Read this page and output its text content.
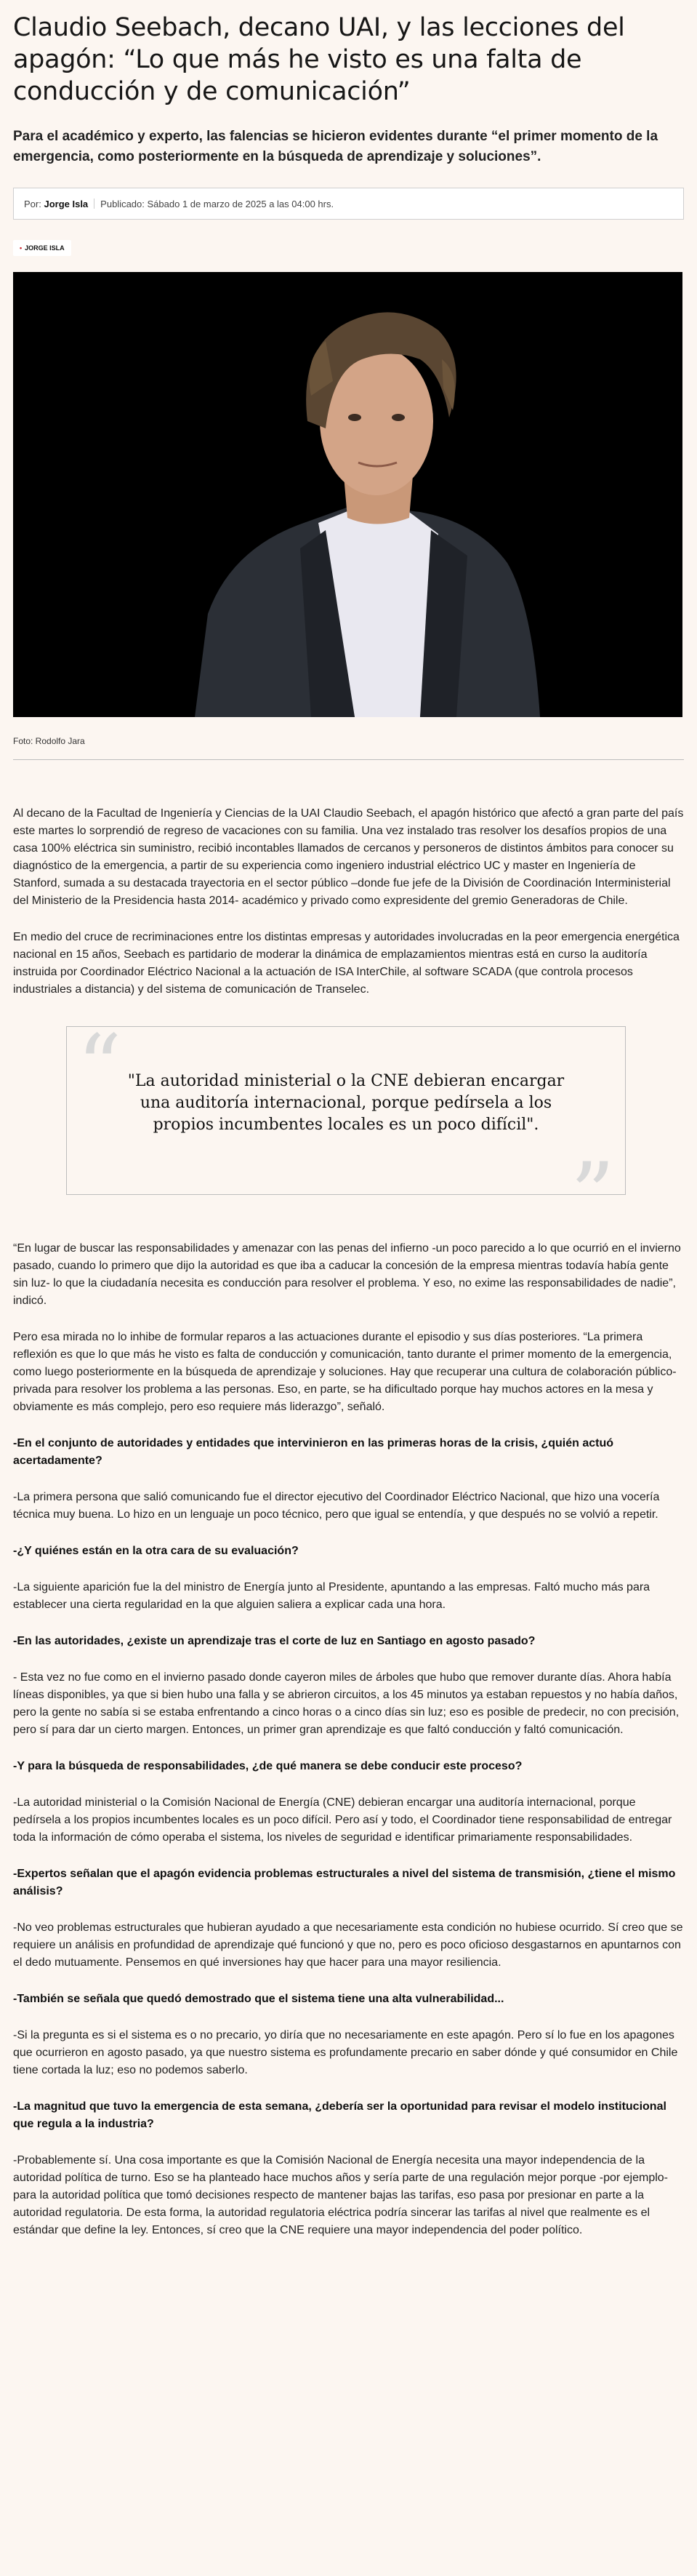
Claudio Seebach, decano UAI, y las lecciones del apagón: “Lo que más he visto es una falta de conducción y de comunicación”

Para el académico y experto, las falencias se hicieron evidentes durante “el primer momento de la emergencia, como posteriormente en la búsqueda de aprendizaje y soluciones”.

Por:
Jorge Isla Publicado:
Sábado 1 de marzo de 2025 a las 04:00 hrs.
• JORGE ISLA
Foto: Rodolfo Jara

Al decano de la Facultad de Ingeniería y Ciencias de la UAI Claudio Seebach, el apagón histórico que afectó a gran parte del país este martes lo sorprendió de regreso de vacaciones con su familia. Una vez instalado tras resolver los desafíos propios de una casa 100% eléctrica sin suministro, recibió incontables llamados de cercanos y personeros de distintos ámbitos para conocer su diagnóstico de la emergencia, a partir de su experiencia como ingeniero industrial eléctrico UC y master en Ingeniería de Stanford, sumada a su destacada trayectoria en el sector público –donde fue jefe de la División de Coordinación Interministerial del Ministerio de la Presidencia hasta 2014- académico y privado como expresidente del gremio Generadoras de Chile.

En medio del cruce de recriminaciones entre los distintas empresas y autoridades involucradas en la peor emergencia energética nacional en 15 años, Seebach es partidario de moderar la dinámica de emplazamientos mientras está en curso la auditoría instruida por Coordinador Eléctrico Nacional a la actuación de ISA InterChile, al software SCADA (que controla procesos industriales a distancia) y del sistema de comunicación de Transelec.

“ "La autoridad ministerial o la CNE debieran encargar una auditoría internacional, porque pedírsela a los propios incumbentes locales es un poco difícil".
”

“En lugar de buscar las responsabilidades y amenazar con las penas del infierno -un poco parecido a lo que ocurrió en el invierno pasado, cuando lo primero que dijo la autoridad es que iba a caducar la concesión de la empresa mientras todavía había gente sin luz- lo que la ciudadanía necesita es conducción para resolver el problema. Y eso, no exime las responsabilidades de nadie”, indicó.

Pero esa mirada no lo inhibe de formular reparos a las actuaciones durante el episodio y sus días posteriores. “La primera reflexión es que lo que más he visto es falta de conducción y comunicación, tanto durante el primer momento de la emergencia, como luego posteriormente en la búsqueda de aprendizaje y soluciones. Hay que recuperar una cultura de colaboración público-privada para resolver los problema a las personas. Eso, en parte, se ha dificultado porque hay muchos actores en la mesa y obviamente es más complejo, pero eso requiere más liderazgo”, señaló.

-En el conjunto de autoridades y entidades que intervinieron en las primeras horas de la crisis, ¿quién actuó acertadamente?

-La primera persona que salió comunicando fue el director ejecutivo del Coordinador Eléctrico Nacional, que hizo una vocería técnica muy buena. Lo hizo en un lenguaje un poco técnico, pero que igual se entendía, y que después no se volvió a repetir.

-¿Y quiénes están en la otra cara de su evaluación?

-La siguiente aparición fue la del ministro de Energía junto al Presidente, apuntando a las empresas. Faltó mucho más para establecer una cierta regularidad en la que alguien saliera a explicar cada una hora.

-En las autoridades, ¿existe un aprendizaje tras el corte de luz en Santiago en agosto pasado?

- Esta vez no fue como en el invierno pasado donde cayeron miles de árboles que hubo que remover durante días. Ahora había líneas disponibles, ya que si bien hubo una falla y se abrieron circuitos, a los 45 minutos ya estaban repuestos y no había daños, pero la gente no sabía si se estaba enfrentando a cinco horas o a cinco días sin luz; eso es posible de predecir, no con precisión, pero sí para dar un cierto margen. Entonces, un primer gran aprendizaje es que faltó conducción y faltó comunicación.

-Y para la búsqueda de responsabilidades, ¿de qué manera se debe conducir este proceso?

-La autoridad ministerial o la Comisión Nacional de Energía (CNE) debieran encargar una auditoría internacional, porque pedírsela a los propios incumbentes locales es un poco difícil. Pero así y todo, el Coordinador tiene responsabilidad de entregar toda la información de cómo operaba el sistema, los niveles de seguridad e identificar primariamente responsabilidades.

-Expertos señalan que el apagón evidencia problemas estructurales a nivel del sistema de transmisión, ¿tiene el mismo análisis?

-No veo problemas estructurales que hubieran ayudado a que necesariamente esta condición no hubiese ocurrido. Sí creo que se requiere un análisis en profundidad de aprendizaje qué funcionó y que no, pero es poco oficioso desgastarnos en apuntarnos con el dedo mutuamente. Pensemos en qué inversiones hay que hacer para una mayor resiliencia.

-También se señala que quedó demostrado que el sistema tiene una alta vulnerabilidad...

-Si la pregunta es si el sistema es o no precario, yo diría que no necesariamente en este apagón. Pero sí lo fue en los apagones que ocurrieron en agosto pasado, ya que nuestro sistema es profundamente precario en saber dónde y qué consumidor en Chile tiene cortada la luz; eso no podemos saberlo.

-La magnitud que tuvo la emergencia de esta semana, ¿debería ser la oportunidad para revisar el modelo institucional que regula a la industria?

-Probablemente sí. Una cosa importante es que la Comisión Nacional de Energía necesita una mayor independencia de la autoridad política de turno. Eso se ha planteado hace muchos años y sería parte de una regulación mejor porque -por ejemplo- para la autoridad política que tomó decisiones respecto de mantener bajas las tarifas, eso pasa por presionar en parte a la autoridad regulatoria. De esta forma, la autoridad regulatoria eléctrica podría sincerar las tarifas al nivel que realmente es el estándar que define la ley. Entonces, sí creo que la CNE requiere una mayor independencia del poder político.
